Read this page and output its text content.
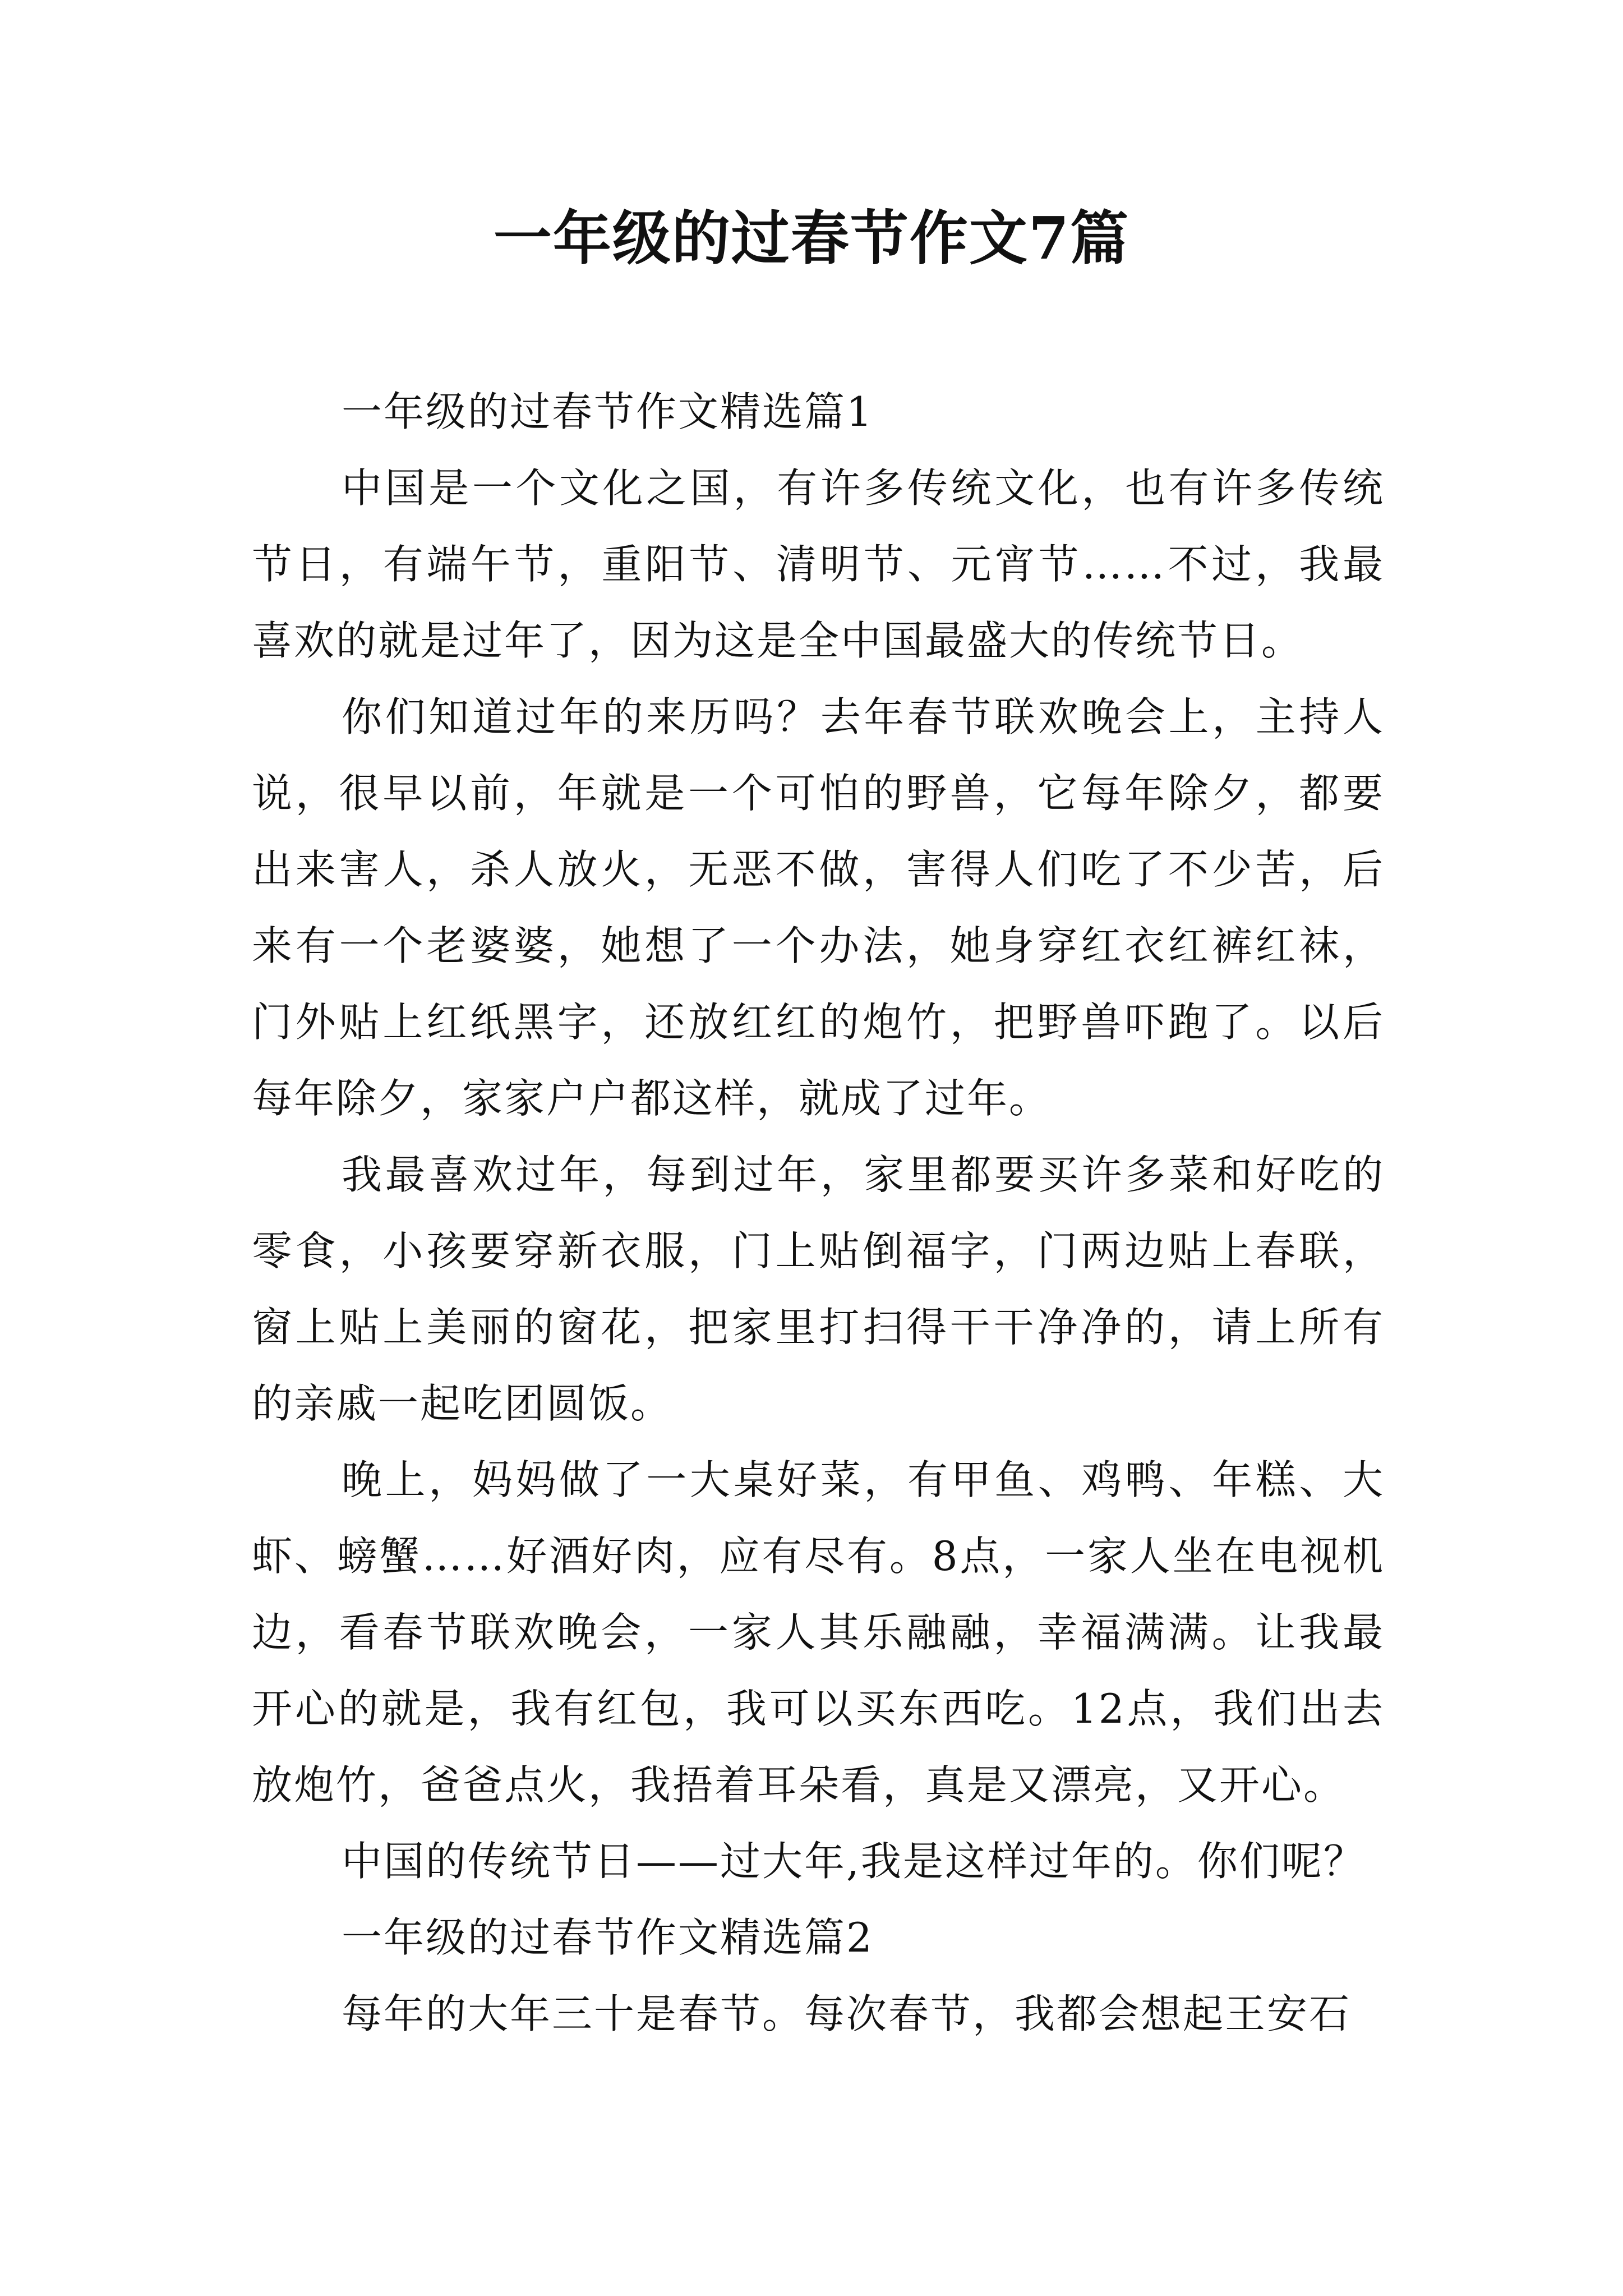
一年级的过春节作文7篇

一年级的过春节作文精选篇1

中国是一个文化之国，有许多传统文化，也有许多传统节日，有端午节，重阳节、清明节、元宵节……不过，我最喜欢的就是过年了，因为这是全中国最盛大的传统节日。

你们知道过年的来历吗？去年春节联欢晚会上，主持人说，很早以前，年就是一个可怕的野兽，它每年除夕，都要出来害人，杀人放火，无恶不做，害得人们吃了不少苦，后来有一个老婆婆，她想了一个办法，她身穿红衣红裤红袜，门外贴上红纸黑字，还放红红的炮竹，把野兽吓跑了。以后每年除夕，家家户户都这样，就成了过年。

我最喜欢过年，每到过年，家里都要买许多菜和好吃的零食，小孩要穿新衣服，门上贴倒福字，门两边贴上春联，窗上贴上美丽的窗花，把家里打扫得干干净净的，请上所有的亲戚一起吃团圆饭。

晚上，妈妈做了一大桌好菜，有甲鱼、鸡鸭、年糕、大虾、螃蟹……好酒好肉，应有尽有。8点，一家人坐在电视机边，看春节联欢晚会，一家人其乐融融，幸福满满。让我最开心的就是，我有红包，我可以买东西吃。12点，我们出去放炮竹，爸爸点火，我捂着耳朵看，真是又漂亮，又开心。

中国的传统节日——过大年,我是这样过年的。你们呢？

一年级的过春节作文精选篇2

每年的大年三十是春节。每次春节，我都会想起王安石
